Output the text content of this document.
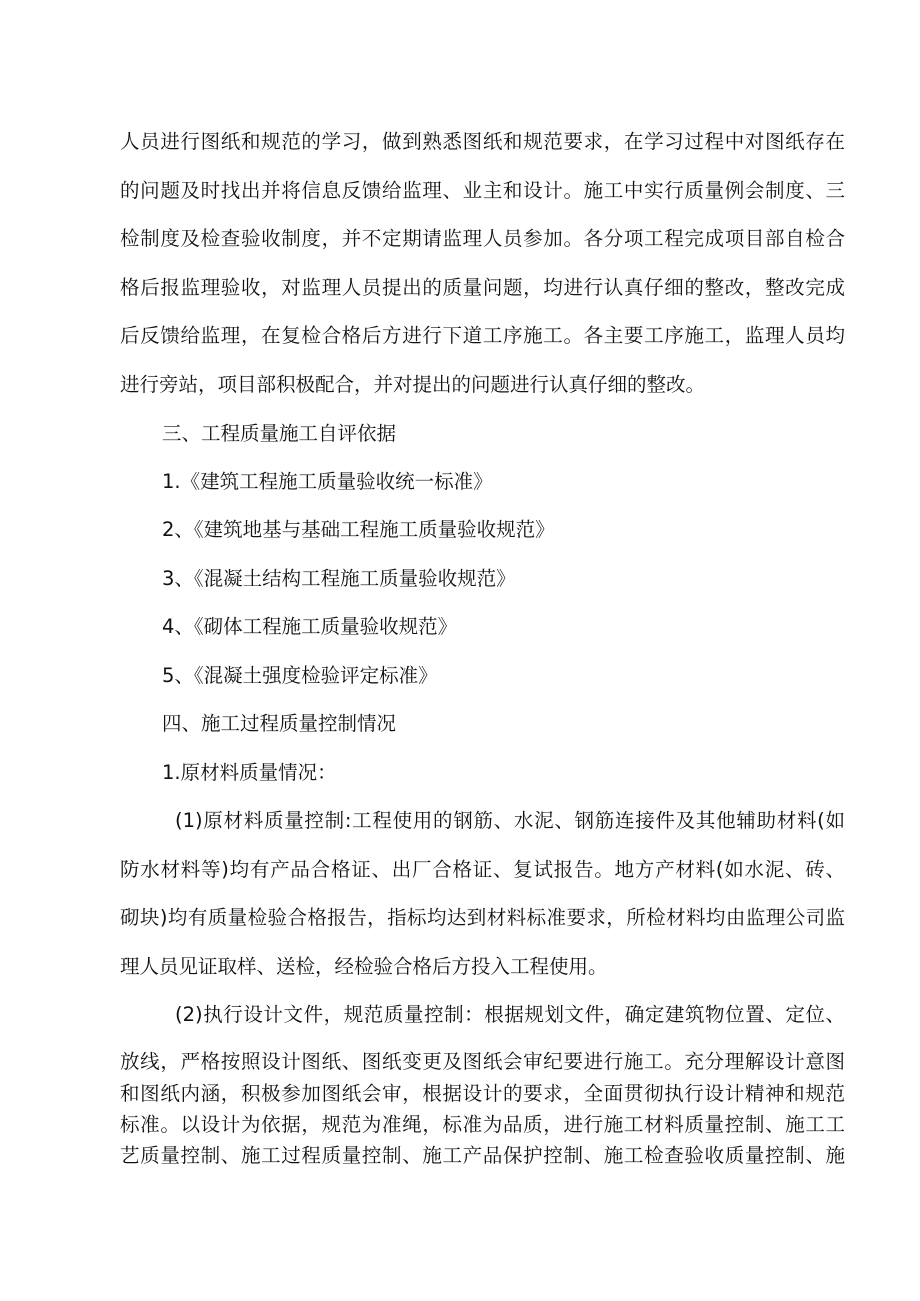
人员进行图纸和规范的学习，做到熟悉图纸和规范要求，在学习过程中对图纸存在
的问题及时找出并将信息反馈给监理、业主和设计。施工中实行质量例会制度、三
检制度及检查验收制度，并不定期请监理人员参加。各分项工程完成项目部自检合
格后报监理验收，对监理人员提出的质量问题，均进行认真仔细的整改，整改完成
后反馈给监理，在复检合格后方进行下道工序施工。各主要工序施工，监理人员均
进行旁站，项目部积极配合，并对提出的问题进行认真仔细的整改。
三、工程质量施工自评依据
1.《建筑工程施工质量验收统一标准》
2、《建筑地基与基础工程施工质量验收规范》
3、《混凝土结构工程施工质量验收规范》
4、《砌体工程施工质量验收规范》
5、《混凝土强度检验评定标准》
四、施工过程质量控制情况
1.原材料质量情况：
(1)原材料质量控制:工程使用的钢筋、水泥、钢筋连接件及其他辅助材料(如
防水材料等)均有产品合格证、出厂合格证、复试报告。地方产材料(如水泥、砖、
砌块)均有质量检验合格报告，指标均达到材料标准要求，所检材料均由监理公司监
理人员见证取样、送检，经检验合格后方投入工程使用。
(2)执行设计文件，规范质量控制：根据规划文件，确定建筑物位置、定位、
放线，严格按照设计图纸、图纸变更及图纸会审纪要进行施工。充分理解设计意图
和图纸内涵，积极参加图纸会审，根据设计的要求，全面贯彻执行设计精神和规范
标准。以设计为依据，规范为准绳，标准为品质，进行施工材料质量控制、施工工
艺质量控制、施工过程质量控制、施工产品保护控制、施工检查验收质量控制、施
